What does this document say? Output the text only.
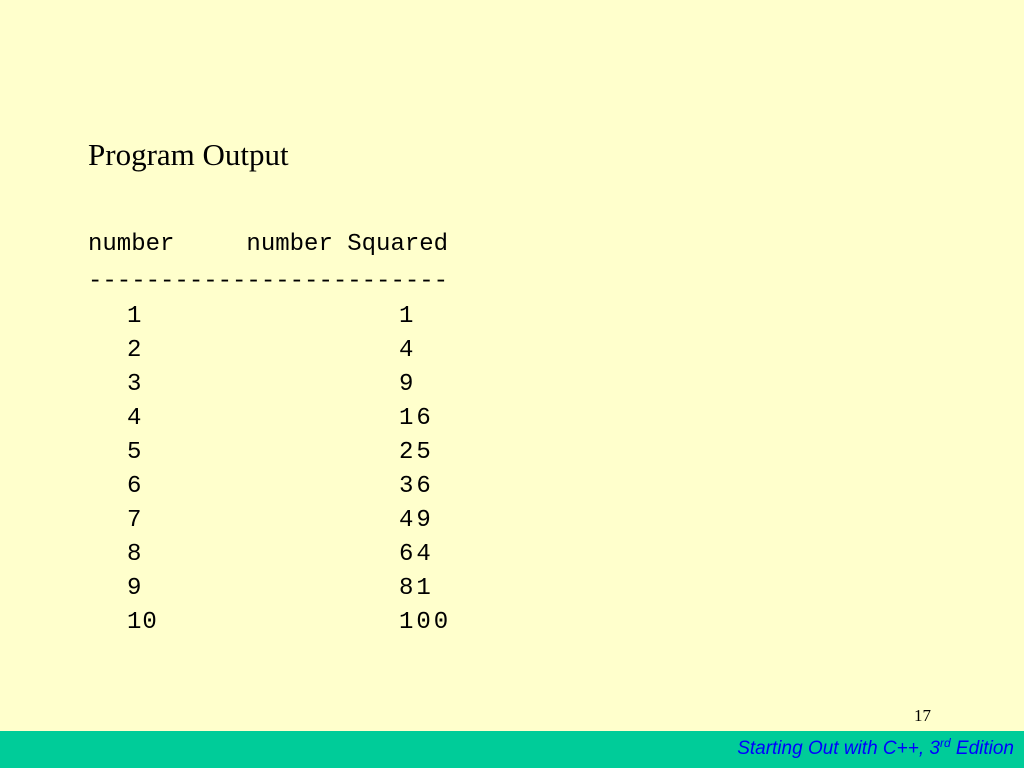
Program Output
number     number Squared
-------------------------
1	1
2	4
3	9
4	16
5	25
6	36
7	49
8	64
9	81
10	100
17
Starting Out with C++, 3rd Edition
